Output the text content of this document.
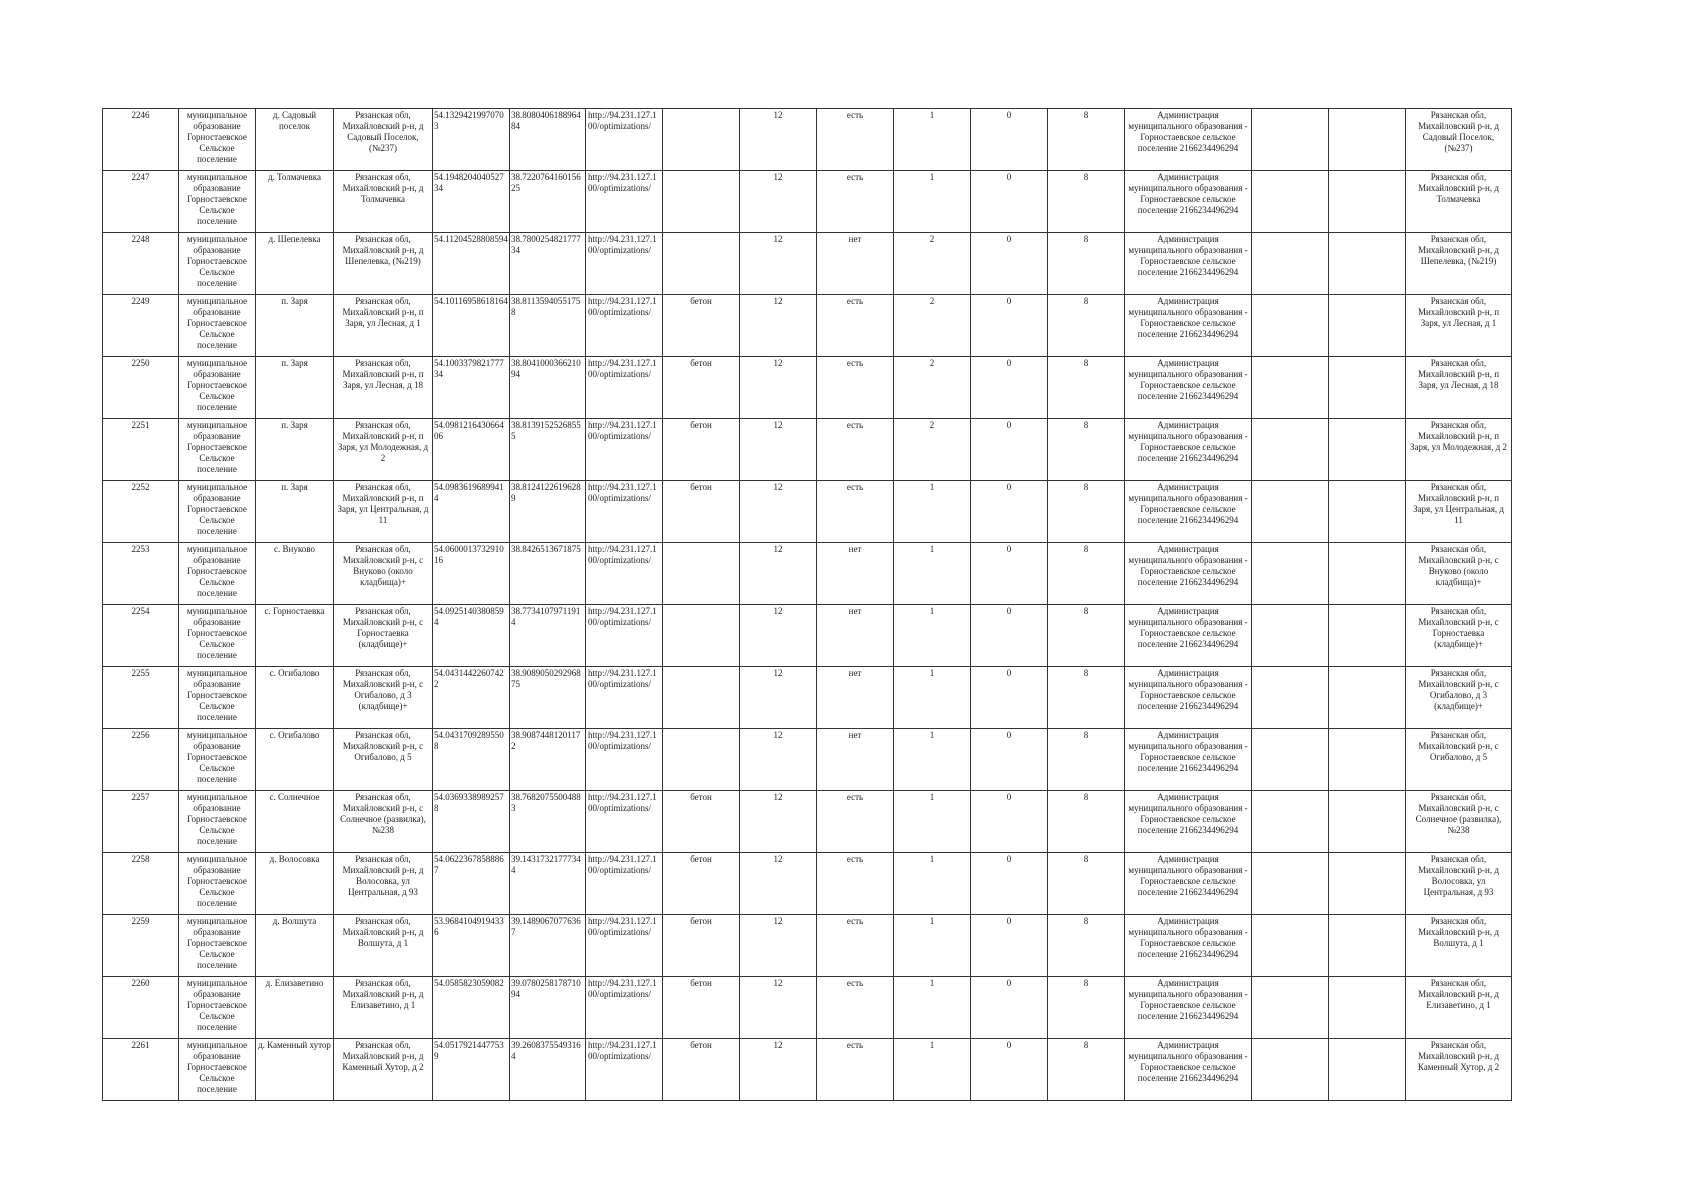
2246	муниципальное образование Горностаевское Сельское поселение	д. Садовый поселок	Рязанская обл, Михайловский р-н, д Садовый Поселок, (№237)	54.13294219970703	38.808040618896484	http://94.231.127.100/optimizations/		12	есть	1	0	8	Администрация муниципального образования - Горностаевское сельское поселение 2166234496294			Рязанская обл, Михайловский р-н, д Садовый Поселок, (№237)
2247	муниципальное образование Горностаевское Сельское поселение	д. Толмачевка	Рязанская обл, Михайловский р-н, д Толмачевка	54.194820404052734	38.722076416015625	http://94.231.127.100/optimizations/		12	есть	1	0	8	Администрация муниципального образования - Горностаевское сельское поселение 2166234496294			Рязанская обл, Михайловский р-н, д Толмачевка
2248	муниципальное образование Горностаевское Сельское поселение	д. Шепелевка	Рязанская обл, Михайловский р-н, д Шепелевка, (№219)	54.11204528808594	38.780025482177734	http://94.231.127.100/optimizations/		12	нет	2	0	8	Администрация муниципального образования - Горностаевское сельское поселение 2166234496294			Рязанская обл, Михайловский р-н, д Шепелевка, (№219)
2249	муниципальное образование Горностаевское Сельское поселение	п. Заря	Рязанская обл, Михайловский р-н, п Заря, ул Лесная, д 1	54.10116958618164	38.81135940551758	http://94.231.127.100/optimizations/	бетон	12	есть	2	0	8	Администрация муниципального образования - Горностаевское сельское поселение 2166234496294			Рязанская обл, Михайловский р-н, п Заря, ул Лесная, д 1
2250	муниципальное образование Горностаевское Сельское поселение	п. Заря	Рязанская обл, Михайловский р-н, п Заря, ул Лесная, д 18	54.100337982177734	38.804100036621094	http://94.231.127.100/optimizations/	бетон	12	есть	2	0	8	Администрация муниципального образования - Горностаевское сельское поселение 2166234496294			Рязанская обл, Михайловский р-н, п Заря, ул Лесная, д 18
2251	муниципальное образование Горностаевское Сельское поселение	п. Заря	Рязанская обл, Михайловский р-н, п Заря, ул Молодежная, д 2	54.098121643066406	38.81391525268555	http://94.231.127.100/optimizations/	бетон	12	есть	2	0	8	Администрация муниципального образования - Горностаевское сельское поселение 2166234496294			Рязанская обл, Михайловский р-н, п Заря, ул Молодежная, д 2
2252	муниципальное образование Горностаевское Сельское поселение	п. Заря	Рязанская обл, Михайловский р-н, п Заря, ул Центральная, д 11	54.09836196899414	38.81241226196289	http://94.231.127.100/optimizations/	бетон	12	есть	1	0	8	Администрация муниципального образования - Горностаевское сельское поселение 2166234496294			Рязанская обл, Михайловский р-н, п Заря, ул Центральная, д 11
2253	муниципальное образование Горностаевское Сельское поселение	с. Внуково	Рязанская обл, Михайловский р-н, с Внуково (около кладбища)+	54.060001373291016	38.8426513671875	http://94.231.127.100/optimizations/		12	нет	1	0	8	Администрация муниципального образования - Горностаевское сельское поселение 2166234496294			Рязанская обл, Михайловский р-н, с Внуково (около кладбища)+
2254	муниципальное образование Горностаевское Сельское поселение	с. Горностаевка	Рязанская обл, Михайловский р-н, с Горностаевка (кладбище)+	54.09251403808594	38.77341079711914	http://94.231.127.100/optimizations/		12	нет	1	0	8	Администрация муниципального образования - Горностаевское сельское поселение 2166234496294			Рязанская обл, Михайловский р-н, с Горностаевка (кладбище)+
2255	муниципальное образование Горностаевское Сельское поселение	с. Огибалово	Рязанская обл, Михайловский р-н, с Огибалово, д 3 (кладбище)+	54.04314422607422	38.908905029296875	http://94.231.127.100/optimizations/		12	нет	1	0	8	Администрация муниципального образования - Горностаевское сельское поселение 2166234496294			Рязанская обл, Михайловский р-н, с Огибалово, д 3 (кладбище)+
2256	муниципальное образование Горностаевское Сельское поселение	с. Огибалово	Рязанская обл, Михайловский р-н, с Огибалово, д 5	54.04317092895508	38.90874481201172	http://94.231.127.100/optimizations/		12	нет	1	0	8	Администрация муниципального образования - Горностаевское сельское поселение 2166234496294			Рязанская обл, Михайловский р-н, с Огибалово, д 5
2257	муниципальное образование Горностаевское Сельское поселение	с. Солнечное	Рязанская обл, Михайловский р-н, с Солнечное (развилка), №238	54.03693389892578	38.76820755004883	http://94.231.127.100/optimizations/	бетон	12	есть	1	0	8	Администрация муниципального образования - Горностаевское сельское поселение 2166234496294			Рязанская обл, Михайловский р-н, с Солнечное (развилка), №238
2258	муниципальное образование Горностаевское Сельское поселение	д. Волосовка	Рязанская обл, Михайловский р-н, д Волосовка, ул Центральная, д 93	54.06223678588867	39.14317321777344	http://94.231.127.100/optimizations/	бетон	12	есть	1	0	8	Администрация муниципального образования - Горностаевское сельское поселение 2166234496294			Рязанская обл, Михайловский р-н, д Волосовка, ул Центральная, д 93
2259	муниципальное образование Горностаевское Сельское поселение	д. Волшута	Рязанская обл, Михайловский р-н, д Волшута, д 1	53.96841049194336	39.14890670776367	http://94.231.127.100/optimizations/	бетон	12	есть	1	0	8	Администрация муниципального образования - Горностаевское сельское поселение 2166234496294			Рязанская обл, Михайловский р-н, д Волшута, д 1
2260	муниципальное образование Горностаевское Сельское поселение	д. Елизаветино	Рязанская обл, Михайловский р-н, д Елизаветино, д 1	54.0585823059082	39.078025817871094	http://94.231.127.100/optimizations/	бетон	12	есть	1	0	8	Администрация муниципального образования - Горностаевское сельское поселение 2166234496294			Рязанская обл, Михайловский р-н, д Елизаветино, д 1
2261	муниципальное образование Горностаевское Сельское поселение	д. Каменный хутор	Рязанская обл, Михайловский р-н, д Каменный Хутор, д 2	54.05179214477539	39.26083755493164	http://94.231.127.100/optimizations/	бетон	12	есть	1	0	8	Администрация муниципального образования - Горностаевское сельское поселение 2166234496294			Рязанская обл, Михайловский р-н, д Каменный Хутор, д 2
